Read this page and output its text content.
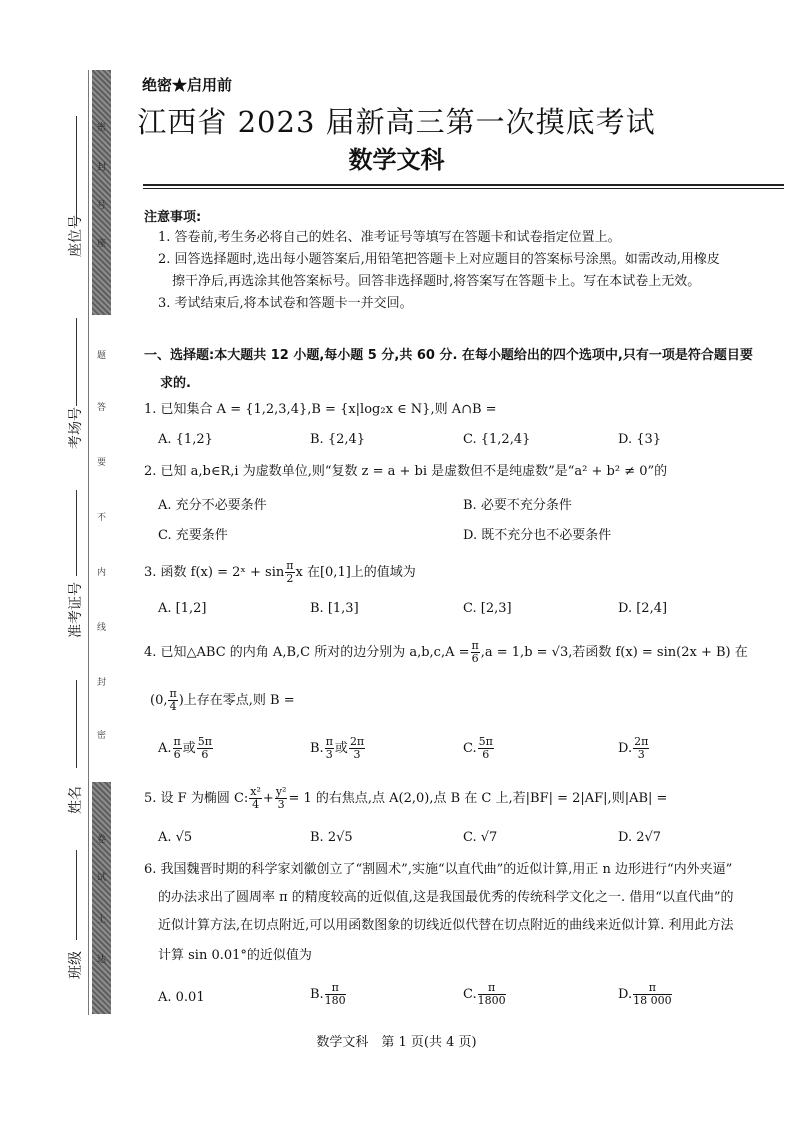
密
封
号
座
题
答
要
不
内
线
封
密
卷
试
上
达
座位号
考场号
准考证号
姓名
班级
绝密★启用前
江西省 2023 届新高三第一次摸底考试
数学文科
注意事项:
1. 答卷前,考生务必将自己的姓名、准考证号等填写在答题卡和试卷指定位置上。
2. 回答选择题时,选出每小题答案后,用铅笔把答题卡上对应题目的答案标号涂黑。如需改动,用橡皮
擦干净后,再选涂其他答案标号。回答非选择题时,将答案写在答题卡上。写在本试卷上无效。
3. 考试结束后,将本试卷和答题卡一并交回。
一、选择题:本大题共 12 小题,每小题 5 分,共 60 分. 在每小题给出的四个选项中,只有一项是符合题目要
求的.
1. 已知集合 A = {1,2,3,4},B = {x|log₂x ∈ N},则 A∩B =
A. {1,2}	B. {2,4}	C. {1,2,4}	D. {3}
2. 已知 a,b∈R,i 为虚数单位,则“复数 z = a + bi 是虚数但不是纯虚数”是“a² + b² ≠ 0”的
A. 充分不必要条件	B. 必要不充分条件
C. 充要条件	D. 既不充分也不必要条件
3. 函数 f(x) = 2ˣ + $\sin \frac{\pi}{2}$ x 在[0,1]上的值域为
A. [1,2]	B. [1,3]	C. [2,3]	D. [2,4]
4. 已知△ABC 的内角 A,B,C 所对的边分别为 $a,b,c,A = \frac{\pi}{6} ,a = 1,b = √3$,若函数 f(x) = sin(2x + B) 在
(0, $\frac{\pi}{4}$ )上存在零点,则 B =
A. $\frac{\pi}{6}$ 或 $\frac{5\pi}{6}$	B. $\frac{\pi}{3}$ 或 $\frac{2\pi}{3}$	C. $\frac{5\pi}{6}$	D. $\frac{2\pi}{3}$
5. 设 F 为椭圆 C: $\frac{\text{x²}}{4} + \frac{\text{y²}}{3} = 1$ 的右焦点,点 A(2,0),点 B 在 C 上,若|BF| = 2|AF|,则|AB| =
A. √5	B. 2√5	C. √7	D. 2√7
6. 我国魏晋时期的科学家刘徽创立了“割圆术”,实施“以直代曲”的近似计算,用正 n 边形进行“内外夹逼”
的办法求出了圆周率 π 的精度较高的近似值,这是我国最优秀的传统科学文化之一. 借用“以直代曲”的
近似计算方法,在切点附近,可以用函数图象的切线近似代替在切点附近的曲线来近似计算. 利用此方法
计算 sin 0.01°的近似值为
A. 0.01	B. $\frac{\pi}{180}$	C. $\frac{\pi}{1800}$	D. $\frac{\pi}{18 000}$
数学文科　第 1 页(共 4 页)
